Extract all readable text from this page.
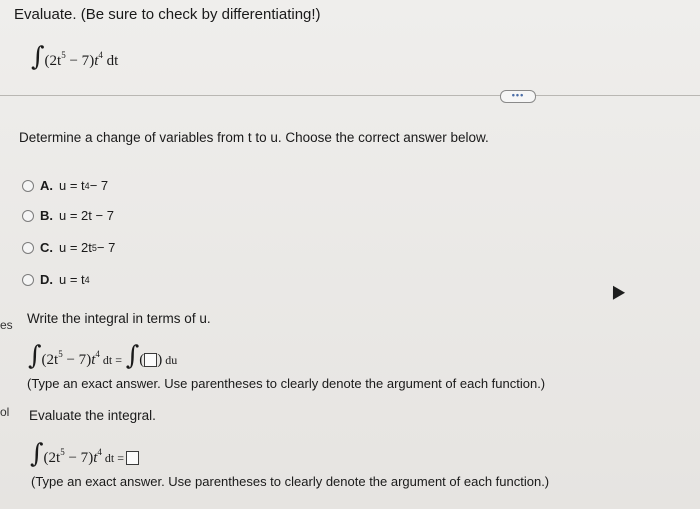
Evaluate. (Be sure to check by differentiating!)
$\int(2t^5 - 7)t^4$ dt
•••
Determine a change of variables from t to u. Choose the correct answer below.
A. u = t 4 − 7
B. u = 2t − 7
C. u = 2t 5 − 7
D. u = t 4
es Write the integral in terms of u.
$\int(2t^5 - 7)t^4$ dt = ∫( ) du
(Type an exact answer. Use parentheses to clearly denote the argument of each function.)
ol Evaluate the integral.
$\int(2t^5 - 7)t^4$ dt =
(Type an exact answer. Use parentheses to clearly denote the argument of each function.)
